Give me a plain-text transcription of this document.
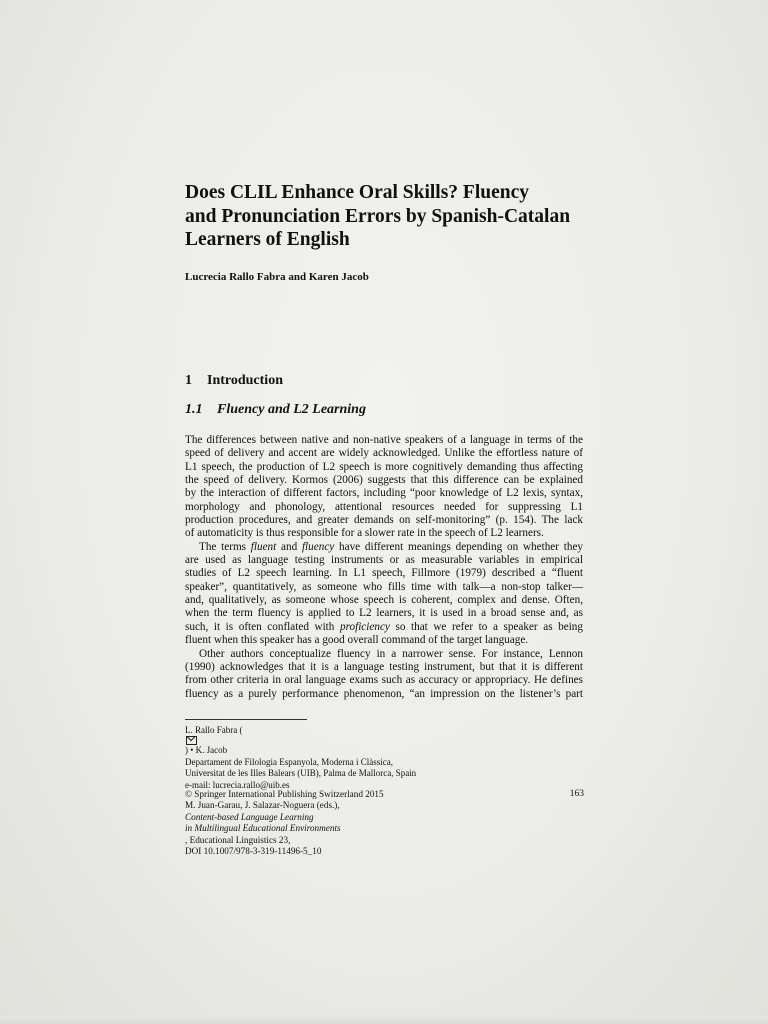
Does CLIL Enhance Oral Skills? Fluency
and Pronunciation Errors by Spanish-Catalan
Learners of English

Lucrecia Rallo Fabra and Karen Jacob

1 Introduction
1.1 Fluency and L2 Learning
The differences between native and non-native speakers of a language in terms of the
speed of delivery and accent are widely acknowledged. Unlike the effortless nature of
L1 speech, the production of L2 speech is more cognitively demanding thus affecting
the speed of delivery. Kormos (2006) suggests that this difference can be explained
by the interaction of different factors, including “poor knowledge of L2 lexis, syntax,
morphology and phonology, attentional resources needed for suppressing L1
production procedures, and greater demands on self-monitoring” (p. 154). The lack
of automaticity is thus responsible for a slower rate in the speech of L2 learners.
The terms fluent and fluency have different meanings depending on whether they
are used as language testing instruments or as measurable variables in empirical
studies of L2 speech learning. In L1 speech, Fillmore (1979) described a “fluent
speaker”, quantitatively, as someone who fills time with talk—a non-stop talker—
and, qualitatively, as someone whose speech is coherent, complex and dense. Often,
when the term fluency is applied to L2 learners, it is used in a broad sense and, as
such, it is often conflated with proficiency so that we refer to a speaker as being
fluent when this speaker has a good overall command of the target language.
Other authors conceptualize fluency in a narrower sense. For instance, Lennon
(1990) acknowledges that it is a language testing instrument, but that it is different
from other criteria in oral language exams such as accuracy or appropriacy. He defines
fluency as a purely performance phenomenon, “an impression on the listener’s part
L. Rallo Fabra (
) • K. Jacob
Departament de Filologia Espanyola, Moderna i Clàssica,
Universitat de les Illes Balears (UIB), Palma de Mallorca, Spain
e-mail: lucrecia.rallo@uib.es
© Springer International Publishing Switzerland 2015
M. Juan-Garau, J. Salazar-Noguera (eds.),
Content-based Language Learning
in Multilingual Educational Environments
, Educational Linguistics 23,
DOI 10.1007/978-3-319-11496-5_10
163
